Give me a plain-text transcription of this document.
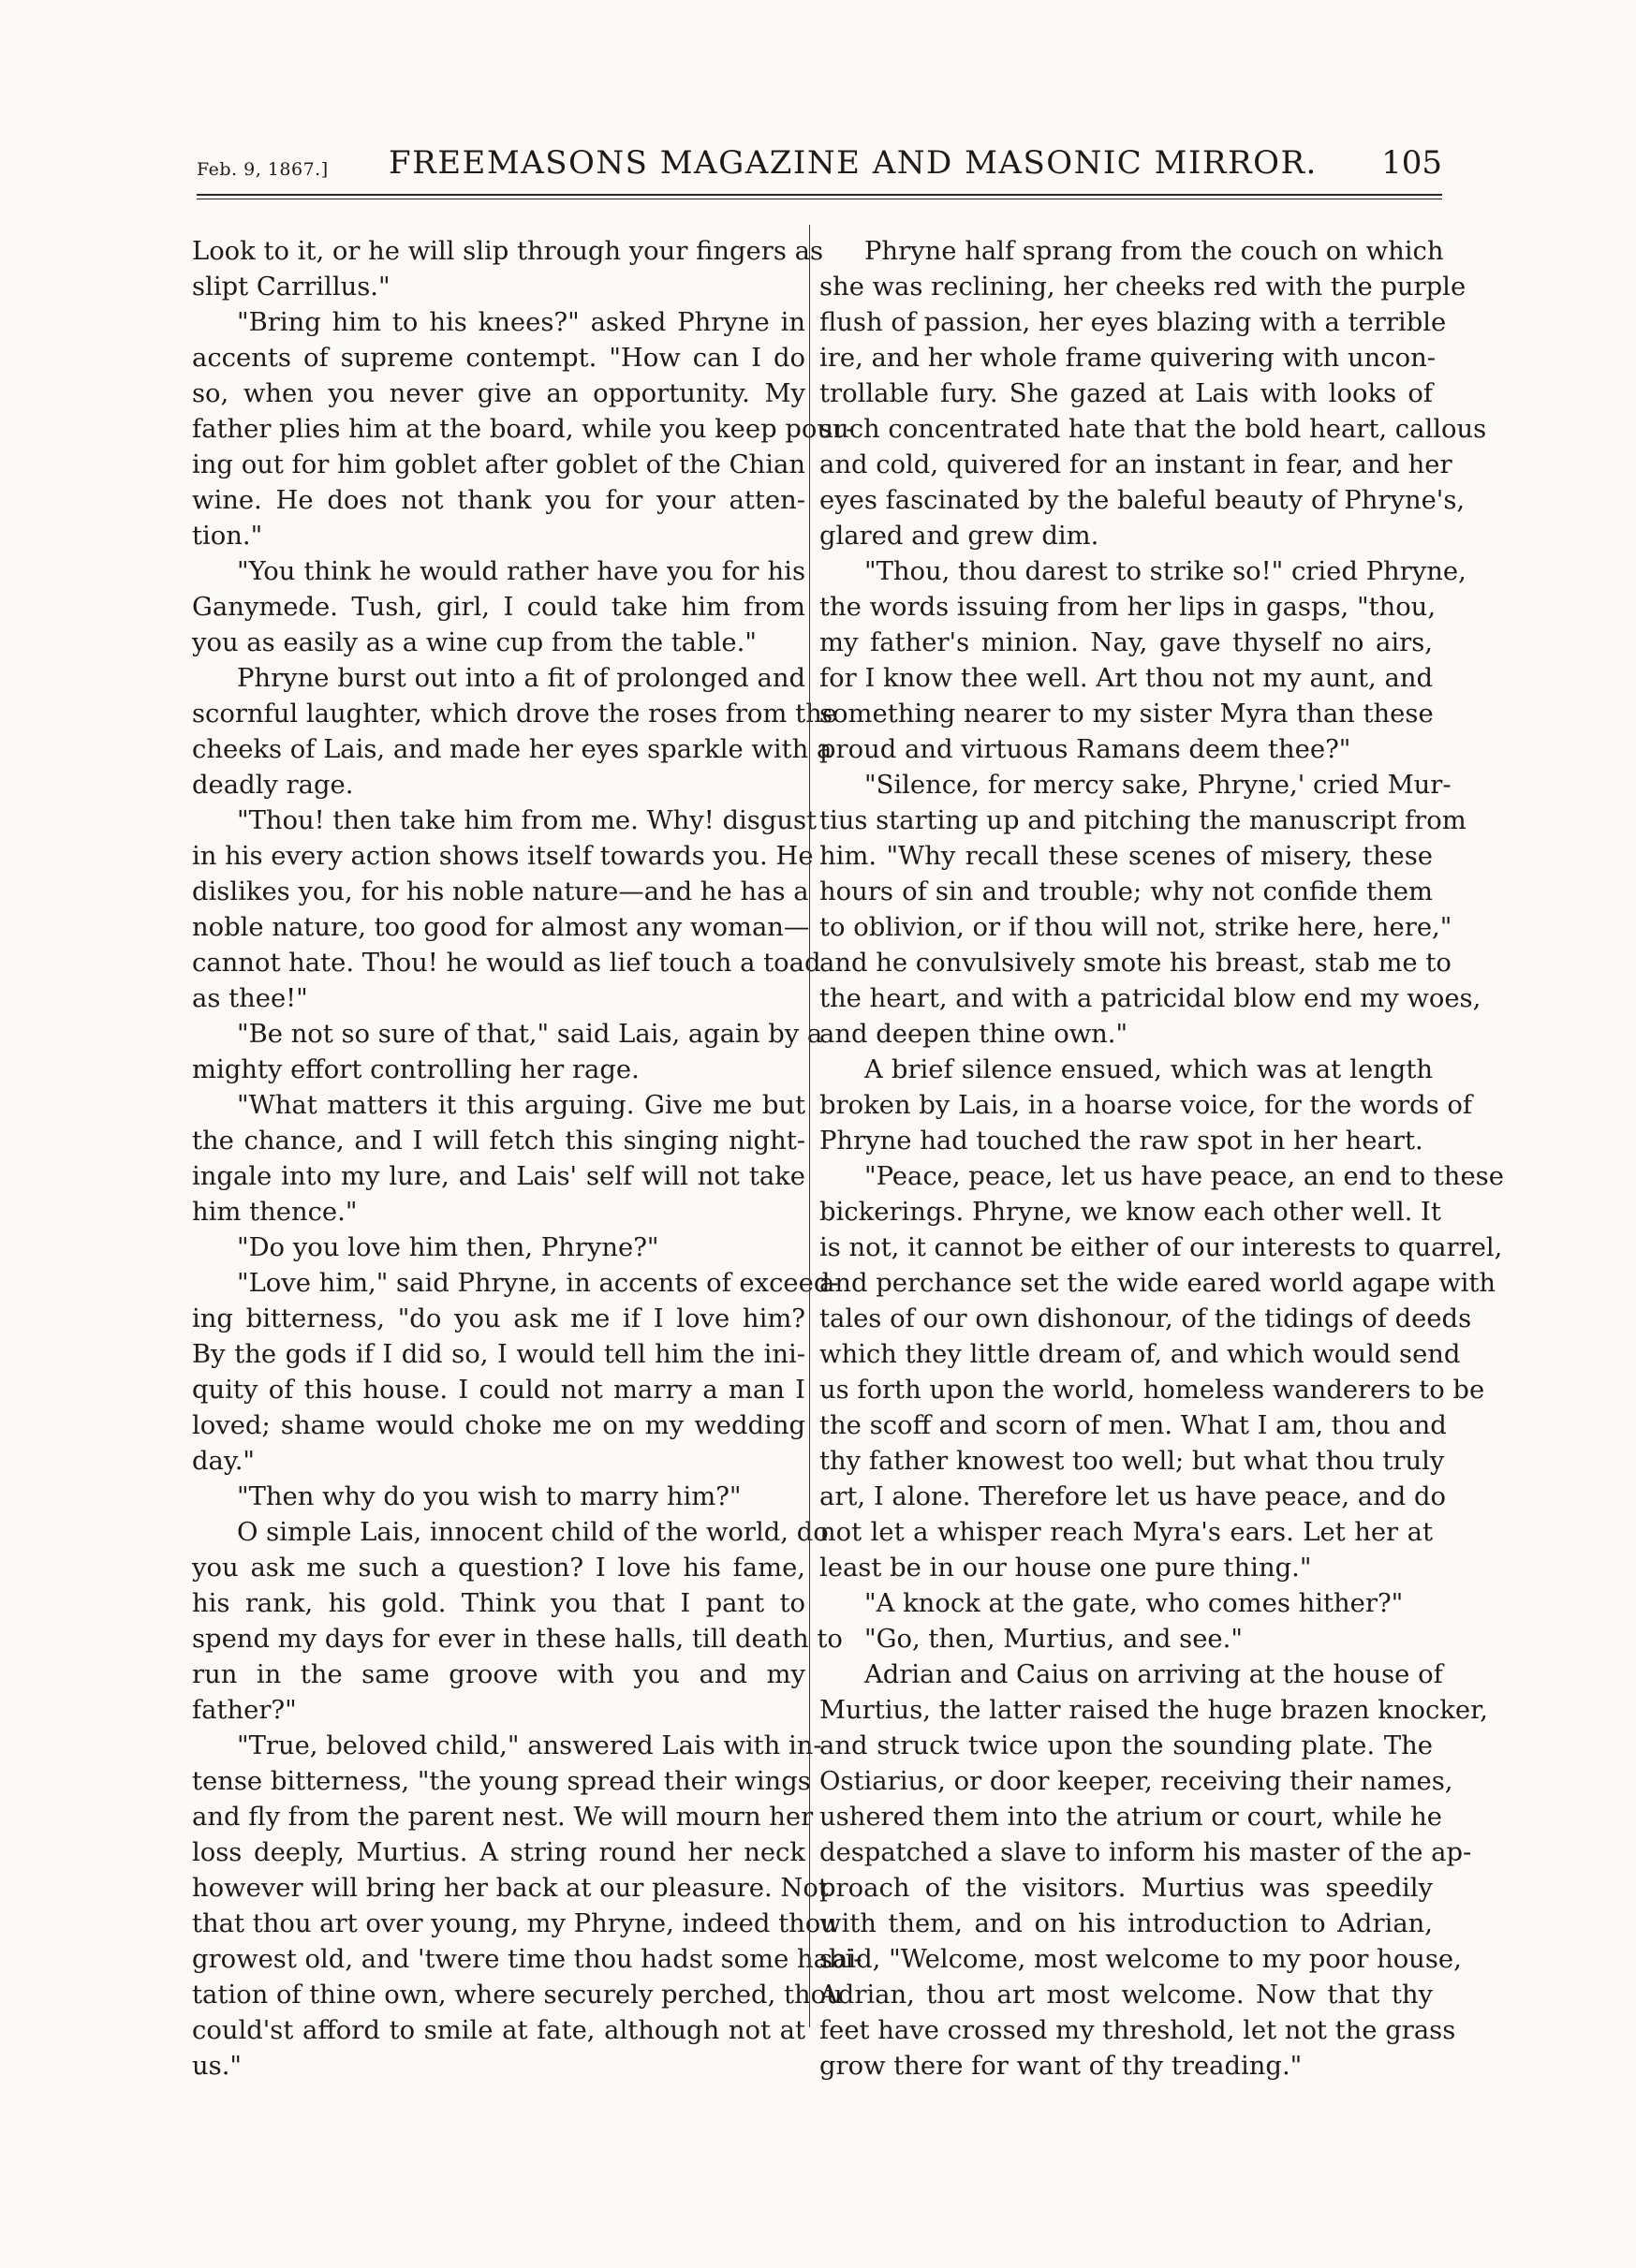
Feb. 9, 1867.] FREEMASONS MAGAZINE AND MASONIC MIRROR. 105

Look to it, or he will slip through your fingers as
slipt Carrillus."

"Bring him to his knees?" asked Phryne in
accents of supreme contempt. "How can I do
so, when you never give an opportunity. My
father plies him at the board, while you keep pour-
ing out for him goblet after goblet of the Chian
wine. He does not thank you for your atten-
tion."

"You think he would rather have you for his
Ganymede. Tush, girl, I could take him from
you as easily as a wine cup from the table."

Phryne burst out into a fit of prolonged and
scornful laughter, which drove the roses from the
cheeks of Lais, and made her eyes sparkle with a
deadly rage.

"Thou! then take him from me. Why! disgust
in his every action shows itself towards you. He
dislikes you, for his noble nature—and he has a
noble nature, too good for almost any woman—
cannot hate. Thou! he would as lief touch a toad
as thee!"

"Be not so sure of that," said Lais, again by a
mighty effort controlling her rage.

"What matters it this arguing. Give me but
the chance, and I will fetch this singing night-
ingale into my lure, and Lais' self will not take
him thence."

"Do you love him then, Phryne?"

"Love him," said Phryne, in accents of exceed-
ing bitterness, "do you ask me if I love him?
By the gods if I did so, I would tell him the ini-
quity of this house. I could not marry a man I
loved; shame would choke me on my wedding
day."

"Then why do you wish to marry him?"

O simple Lais, innocent child of the world, do
you ask me such a question? I love his fame,
his rank, his gold. Think you that I pant to
spend my days for ever in these halls, till death to
run in the same groove with you and my
father?"

"True, beloved child," answered Lais with in-
tense bitterness, "the young spread their wings
and fly from the parent nest. We will mourn her
loss deeply, Murtius. A string round her neck
however will bring her back at our pleasure. Not
that thou art over young, my Phryne, indeed thou
growest old, and 'twere time thou hadst some habi-
tation of thine own, where securely perched, thou
could'st afford to smile at fate, although not at
us."

Phryne half sprang from the couch on which
she was reclining, her cheeks red with the purple
flush of passion, her eyes blazing with a terrible
ire, and her whole frame quivering with uncon-
trollable fury. She gazed at Lais with looks of
such concentrated hate that the bold heart, callous
and cold, quivered for an instant in fear, and her
eyes fascinated by the baleful beauty of Phryne's,
glared and grew dim.

"Thou, thou darest to strike so!" cried Phryne,
the words issuing from her lips in gasps, "thou,
my father's minion. Nay, gave thyself no airs,
for I know thee well. Art thou not my aunt, and
something nearer to my sister Myra than these
proud and virtuous Ramans deem thee?"

"Silence, for mercy sake, Phryne,' cried Mur-
tius starting up and pitching the manuscript from
him. "Why recall these scenes of misery, these
hours of sin and trouble; why not confide them
to oblivion, or if thou will not, strike here, here,"
and he convulsively smote his breast, stab me to
the heart, and with a patricidal blow end my woes,
and deepen thine own."

A brief silence ensued, which was at length
broken by Lais, in a hoarse voice, for the words of
Phryne had touched the raw spot in her heart.

"Peace, peace, let us have peace, an end to these
bickerings. Phryne, we know each other well. It
is not, it cannot be either of our interests to quarrel,
and perchance set the wide eared world agape with
tales of our own dishonour, of the tidings of deeds
which they little dream of, and which would send
us forth upon the world, homeless wanderers to be
the scoff and scorn of men. What I am, thou and
thy father knowest too well; but what thou truly
art, I alone. Therefore let us have peace, and do
not let a whisper reach Myra's ears. Let her at
least be in our house one pure thing."

"A knock at the gate, who comes hither?"

"Go, then, Murtius, and see."

Adrian and Caius on arriving at the house of
Murtius, the latter raised the huge brazen knocker,
and struck twice upon the sounding plate. The
Ostiarius, or door keeper, receiving their names,
ushered them into the atrium or court, while he
despatched a slave to inform his master of the ap-
proach of the visitors. Murtius was speedily
with them, and on his introduction to Adrian,
said, "Welcome, most welcome to my poor house,
Adrian, thou art most welcome. Now that thy
feet have crossed my threshold, let not the grass
grow there for want of thy treading."
